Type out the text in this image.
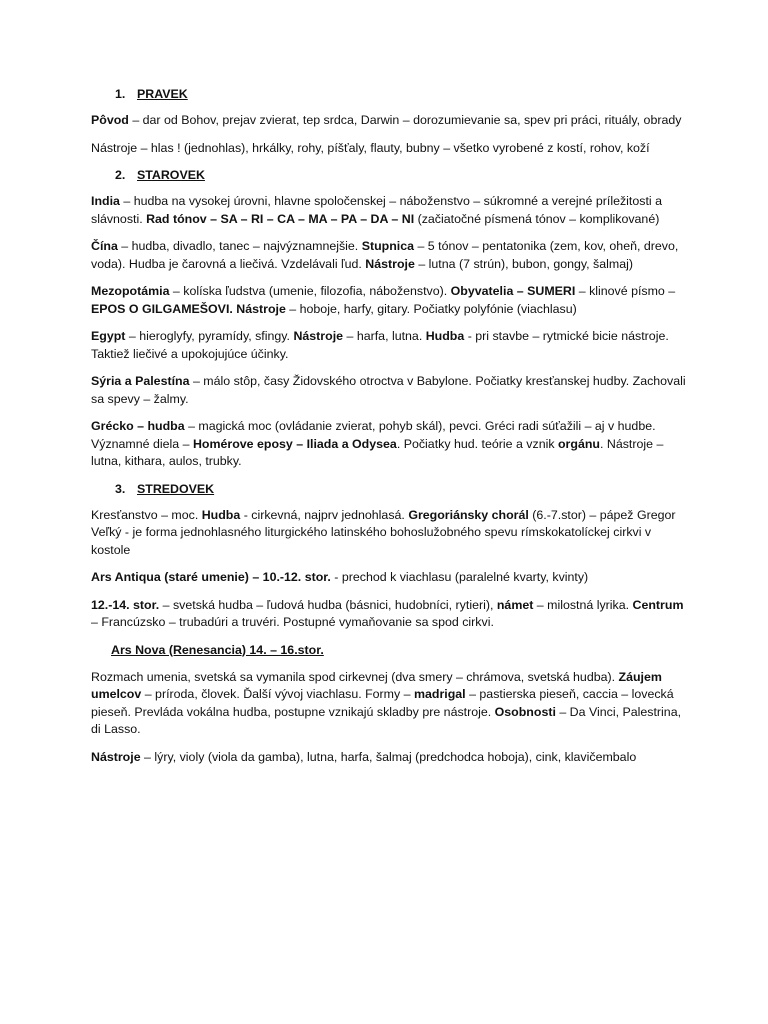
1. PRAVEK

Pôvod – dar od Bohov, prejav zvierat, tep srdca, Darwin – dorozumievanie sa, spev pri práci, rituály, obrady

Nástroje – hlas ! (jednohlas), hrkálky, rohy, píšťaly, flauty, bubny – všetko vyrobené z kostí, rohov, koží

2. STAROVEK

India – hudba na vysokej úrovni, hlavne spoločenskej – náboženstvo – súkromné a verejné príležitosti a slávnosti. Rad tónov – SA – RI – CA – MA – PA – DA – NI (začiatočné písmená tónov – komplikované)

Čína – hudba, divadlo, tanec – najvýznamnejšie. Stupnica – 5 tónov – pentatonika (zem, kov, oheň, drevo, voda). Hudba je čarovná a liečivá. Vzdelávali ľud. Nástroje – lutna (7 strún), bubon, gongy, šalmaj)

Mezopotámia – kolíska ľudstva (umenie, filozofia, náboženstvo). Obyvatelia – SUMERI – klinové písmo – EPOS O GILGAMEŠOVI. Nástroje – hoboje, harfy, gitary. Počiatky polyfónie (viachlasu)

Egypt – hieroglyfy, pyramídy, sfingy. Nástroje – harfa, lutna. Hudba - pri stavbe – rytmické bicie nástroje. Taktiež liečivé a upokojujúce účinky.

Sýria a Palestína – málo stôp, časy Židovského otroctva v Babylone. Počiatky kresťanskej hudby. Zachovali sa spevy – žalmy.

Grécko – hudba – magická moc (ovládanie zvierat, pohyb skál), pevci. Gréci radi súťažili – aj v hudbe. Významné diela – Homérove eposy – Iliada a Odysea. Počiatky hud. teórie a vznik orgánu. Nástroje – lutna, kithara, aulos, trubky.

3. STREDOVEK

Kresťanstvo – moc. Hudba - cirkevná, najprv jednohlasá. Gregoriánsky chorál (6.-7.stor) – pápež Gregor Veľký - je forma jednohlasného liturgického latinského bohoslužobného spevu rímskokatolíckej cirkvi v kostole

Ars Antiqua (staré umenie) – 10.-12. stor. - prechod k viachlasu (paralelné kvarty, kvinty)

12.-14. stor. – svetská hudba – ľudová hudba (básnici, hudobníci, rytieri), námet – milostná lyrika. Centrum – Francúzsko – trubadúri a truvéri. Postupné vymaňovanie sa spod cirkvi.

Ars Nova (Renesancia) 14. – 16.stor.

Rozmach umenia, svetská sa vymanila spod cirkevnej (dva smery – chrámova, svetská hudba). Záujem umelcov – príroda, človek. Ďalší vývoj viachlasu. Formy – madrigal – pastierska pieseň, caccia – lovecká pieseň. Prevláda vokálna hudba, postupne vznikajú skladby pre nástroje. Osobnosti – Da Vinci, Palestrina, di Lasso.

Nástroje – lýry, violy (viola da gamba), lutna, harfa, šalmaj (predchodca hoboja), cink, klavičembalo
